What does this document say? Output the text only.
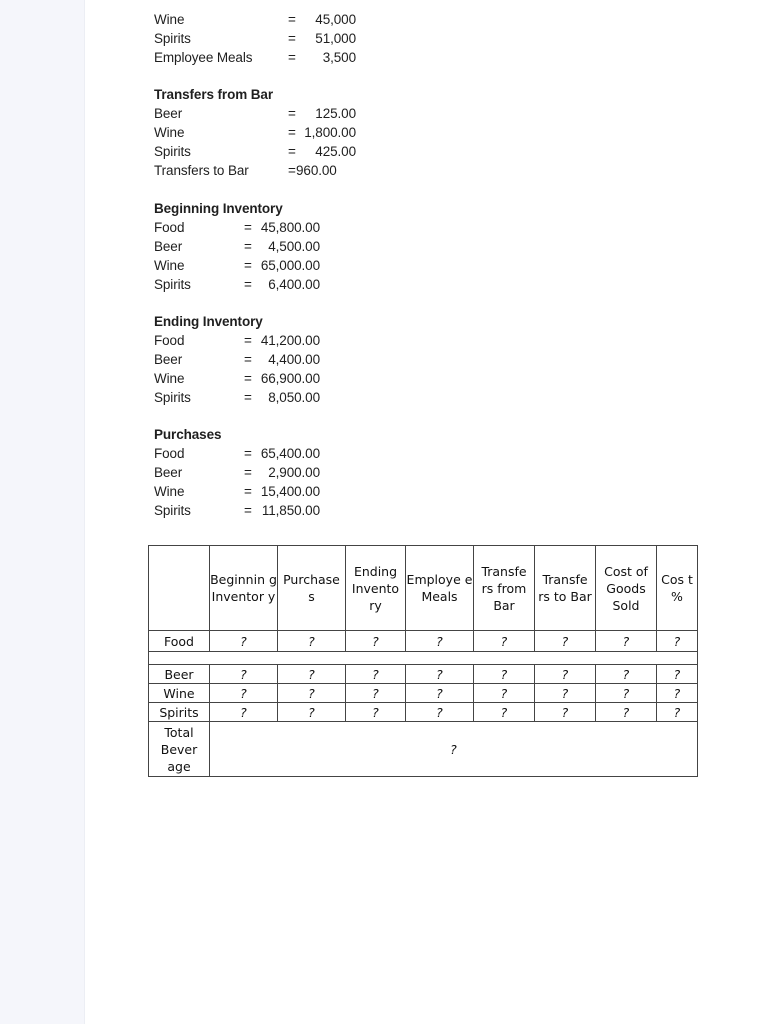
Wine	=	45,000
Spirits	=	51,000
Employee Meals	=	3,500
Transfers from Bar
Beer	=	125.00
Wine	= 1,800.00
Spirits	=	425.00
Transfers to Bar	= 960.00
Beginning Inventory
Food	= 45,800.00
Beer	=	4,500.00
Wine	= 65,000.00
Spirits	=	6,400.00
Ending Inventory
Food	= 41,200.00
Beer	=	4,400.00
Wine	= 66,900.00
Spirits	=	8,050.00
Purchases
Food	= 65,400.00
Beer	=	2,900.00
Wine	= 15,400.00
Spirits	= 11,850.00
	Beginnin g Inventor y	Purchase s	Ending Invento ry	Employe e Meals	Transfe rs from Bar	Transfe rs to Bar	Cost of Goods Sold	Cos t %
Food	?	?	?	?	?	?	?	?

Beer	?	?	?	?	?	?	?	?
Wine	?	?	?	?	?	?	?	?
Spirits	?	?	?	?	?	?	?	?
Total Bever age	?							
